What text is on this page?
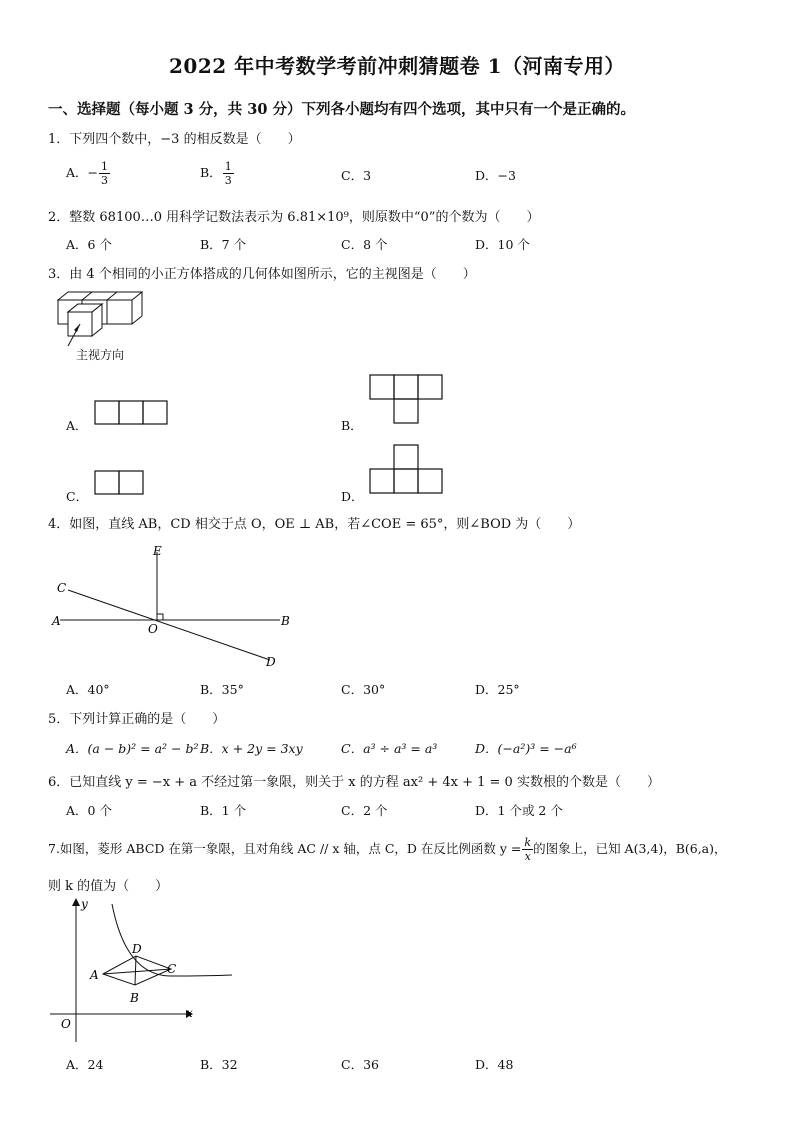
2022 年中考数学考前冲刺猜题卷 1（河南专用）
一、选择题（每小题 3 分，共 30 分）下列各小题均有四个选项，其中只有一个是正确的。
1．下列四个数中，−3 的相反数是（　　）
A．− $\frac{1}{3}$	B． $\frac{1}{3}$	C．3	D．−3
2．整数 68100…0 用科学记数法表示为 6.81×10⁹，则原数中“0”的个数为（　　）
A．6 个	B．7 个	C．8 个	D．10 个
3．由 4 个相同的小正方体搭成的几何体如图所示，它的主视图是（　　）
主视方向
A．	B．
C．	D．
4．如图，直线 AB，CD 相交于点 O，OE ⊥ AB，若∠COE = 65°，则∠BOD 为（　　）
E
C
A
O
B
D
A．40°	B．35°	C．30°	D．25°
5．下列计算正确的是（　　）
A．(a − b)² = a² − b² B．x + 2y = 3xy	C．a³ ÷ a³ = a³	D．(−a²)³ = −a⁶
6．已知直线 y = −x + a 不经过第一象限，则关于 x 的方程 ax² + 4x + 1 = 0 实数根的个数是（　　）
A．0 个	B．1 个	C．2 个	D．1 个或 2 个
7.如图，菱形 ABCD 在第一象限，且对角线 AC // x 轴，点 C，D 在反比例函数 $y = \frac{k}{x}$ 的图象上，已知 A(3,4)，B(6,a)，
则 k 的值为（　　）
y
x
O
A
B
C
D
A．24	B．32	C．36	D．48
